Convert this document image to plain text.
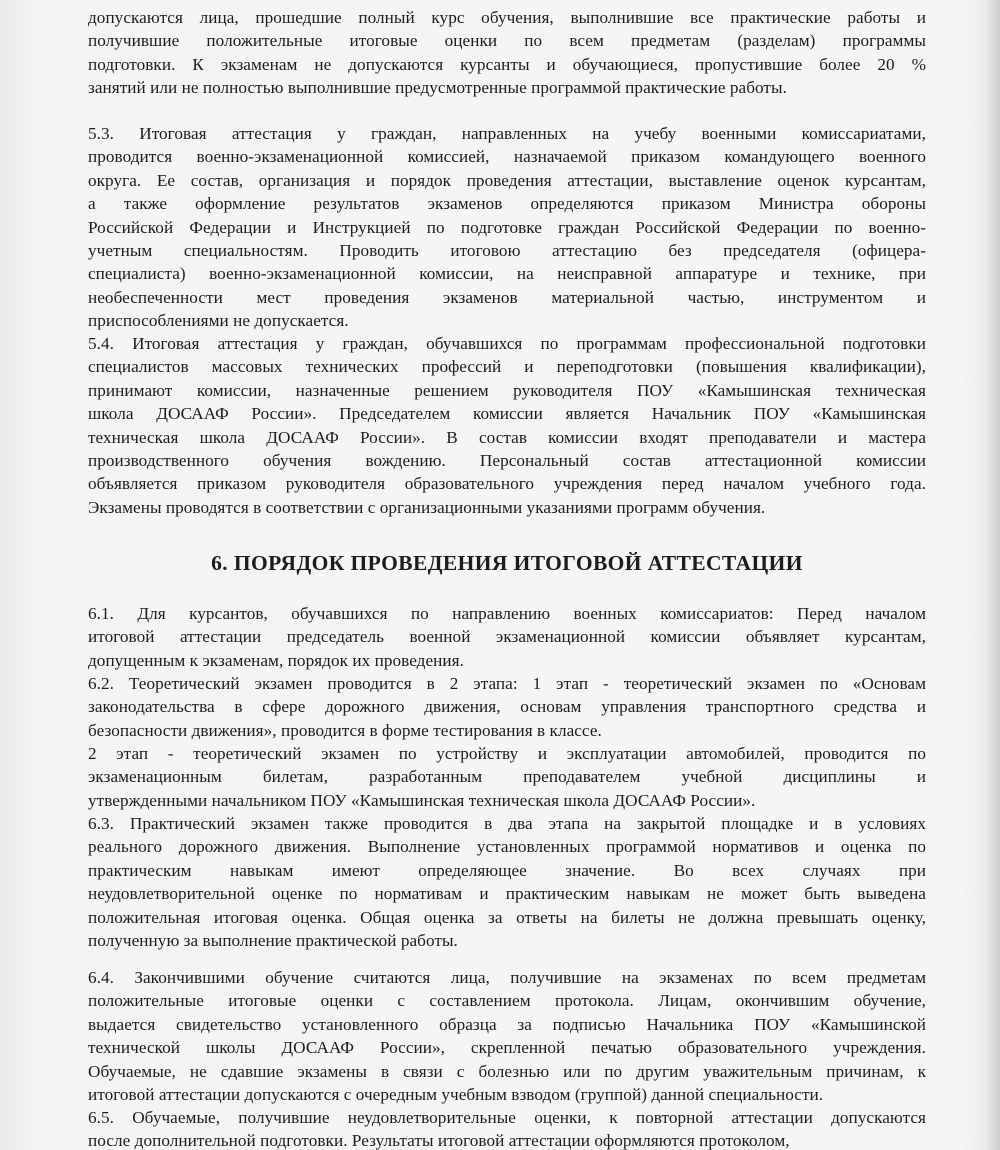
допускаются лица, прошедшие полный курс обучения, выполнившие все практические работы и
получившие положительные итоговые оценки по всем предметам (разделам) программы
подготовки. К экзаменам не допускаются курсанты и обучающиеся, пропустившие более 20 %
занятий или не полностью выполнившие предусмотренные программой практические работы.
5.3. Итоговая аттестация у граждан, направленных на учебу военными комиссариатами,
проводится военно-экзаменационной комиссией, назначаемой приказом командующего военного
округа. Ее состав, организация и порядок проведения аттестации, выставление оценок курсантам,
а также оформление результатов экзаменов определяются приказом Министра обороны
Российской Федерации и Инструкцией по подготовке граждан Российской Федерации по военно-
учетным специальностям. Проводить итоговою аттестацию без председателя (офицера-
специалиста) военно-экзаменационной комиссии, на неисправной аппаратуре и технике, при
необеспеченности мест проведения экзаменов материальной частью, инструментом и
приспособлениями не допускается.
5.4. Итоговая аттестация у граждан, обучавшихся по программам профессиональной подготовки
специалистов массовых технических профессий и переподготовки (повышения квалификации),
принимают комиссии, назначенные решением руководителя ПОУ «Камышинская техническая
школа ДОСААФ России». Председателем комиссии является Начальник ПОУ «Камышинская
техническая школа ДОСААФ России». В состав комиссии входят преподаватели и мастера
производственного обучения вождению. Персональный состав аттестационной комиссии
объявляется приказом руководителя образовательного учреждения перед началом учебного года.
Экзамены проводятся в соответствии с организационными указаниями программ обучения.
6. ПОРЯДОК ПРОВЕДЕНИЯ ИТОГОВОЙ АТТЕСТАЦИИ
6.1. Для курсантов, обучавшихся по направлению военных комиссариатов: Перед началом
итоговой аттестации председатель военной экзаменационной комиссии объявляет курсантам,
допущенным к экзаменам, порядок их проведения.
6.2. Теоретический экзамен проводится в 2 этапа: 1 этап - теоретический экзамен по «Основам
законодательства в сфере дорожного движения, основам управления транспортного средства и
безопасности движения», проводится в форме тестирования в классе.
2 этап - теоретический экзамен по устройству и эксплуатации автомобилей, проводится по
экзаменационным билетам, разработанным преподавателем учебной дисциплины и
утвержденными начальником ПОУ «Камышинская техническая школа ДОСААФ России».
6.3. Практический экзамен также проводится в два этапа на закрытой площадке и в условиях
реального дорожного движения. Выполнение установленных программой нормативов и оценка по
практическим навыкам имеют определяющее значение. Во всех случаях при
неудовлетворительной оценке по нормативам и практическим навыкам не может быть выведена
положительная итоговая оценка. Общая оценка за ответы на билеты не должна превышать оценку,
полученную за выполнение практической работы.
6.4. Закончившими обучение считаются лица, получившие на экзаменах по всем предметам
положительные итоговые оценки с составлением протокола. Лицам, окончившим обучение,
выдается свидетельство установленного образца за подписью Начальника ПОУ «Камышинской
технической школы ДОСААФ России», скрепленной печатью образовательного учреждения.
Обучаемые, не сдавшие экзамены в связи с болезнью или по другим уважительным причинам, к
итоговой аттестации допускаются с очередным учебным взводом (группой) данной специальности.
6.5. Обучаемые, получившие неудовлетворительные оценки, к повторной аттестации допускаются
после дополнительной подготовки. Результаты итоговой аттестации оформляются протоколом,
